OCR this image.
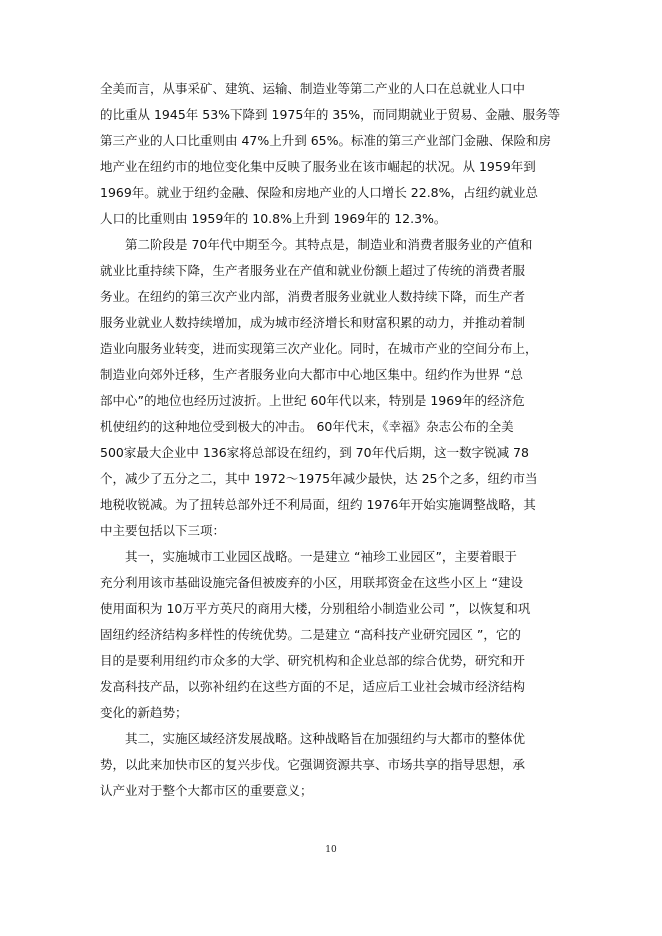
全美而言，从事采矿、建筑、运输、制造业等第二产业的人口在总就业人口中
的比重从 1945年 53%下降到 1975年的 35%，而同期就业于贸易、金融、服务等
第三产业的人口比重则由 47%上升到 65%。标准的第三产业部门金融、保险和房
地产业在纽约市的地位变化集中反映了服务业在该市崛起的状况。从 1959年到
1969年。就业于纽约金融、保险和房地产业的人口增长 22.8%，占纽约就业总
人口的比重则由 1959年的 10.8%上升到 1969年的 12.3%。
第二阶段是 70年代中期至今。其特点是，制造业和消费者服务业的产值和
就业比重持续下降，生产者服务业在产值和就业份额上超过了传统的消费者服
务业。在纽约的第三次产业内部，消费者服务业就业人数持续下降，而生产者
服务业就业人数持续增加，成为城市经济增长和财富积累的动力，并推动着制
造业向服务业转变，进而实现第三次产业化。同时，在城市产业的空间分布上，
制造业向郊外迁移，生产者服务业向大都市中心地区集中。纽约作为世界 “总
部中心”的地位也经历过波折。上世纪 60年代以来，特别是 1969年的经济危
机使纽约的这种地位受到极大的冲击。 60年代末，《幸福》杂志公布的全美
500家最大企业中 136家将总部设在纽约，到 70年代后期，这一数字锐减 78
个，减少了五分之二，其中 1972～1975年减少最快，达 25个之多，纽约市当
地税收锐减。为了扭转总部外迁不利局面，纽约 1976年开始实施调整战略，其
中主要包括以下三项：
其一，实施城市工业园区战略。一是建立 “袖珍工业园区”，主要着眼于
充分利用该市基础设施完备但被废弃的小区，用联邦资金在这些小区上 “建设
使用面积为 10万平方英尺的商用大楼，分别租给小制造业公司 ”，以恢复和巩
固纽约经济结构多样性的传统优势。二是建立 “高科技产业研究园区 ”，它的
目的是要利用纽约市众多的大学、研究机构和企业总部的综合优势，研究和开
发高科技产品，以弥补纽约在这些方面的不足，适应后工业社会城市经济结构
变化的新趋势；
其二，实施区域经济发展战略。这种战略旨在加强纽约与大都市的整体优
势，以此来加快市区的复兴步伐。它强调资源共享、市场共享的指导思想，承
认产业对于整个大都市区的重要意义；
10
